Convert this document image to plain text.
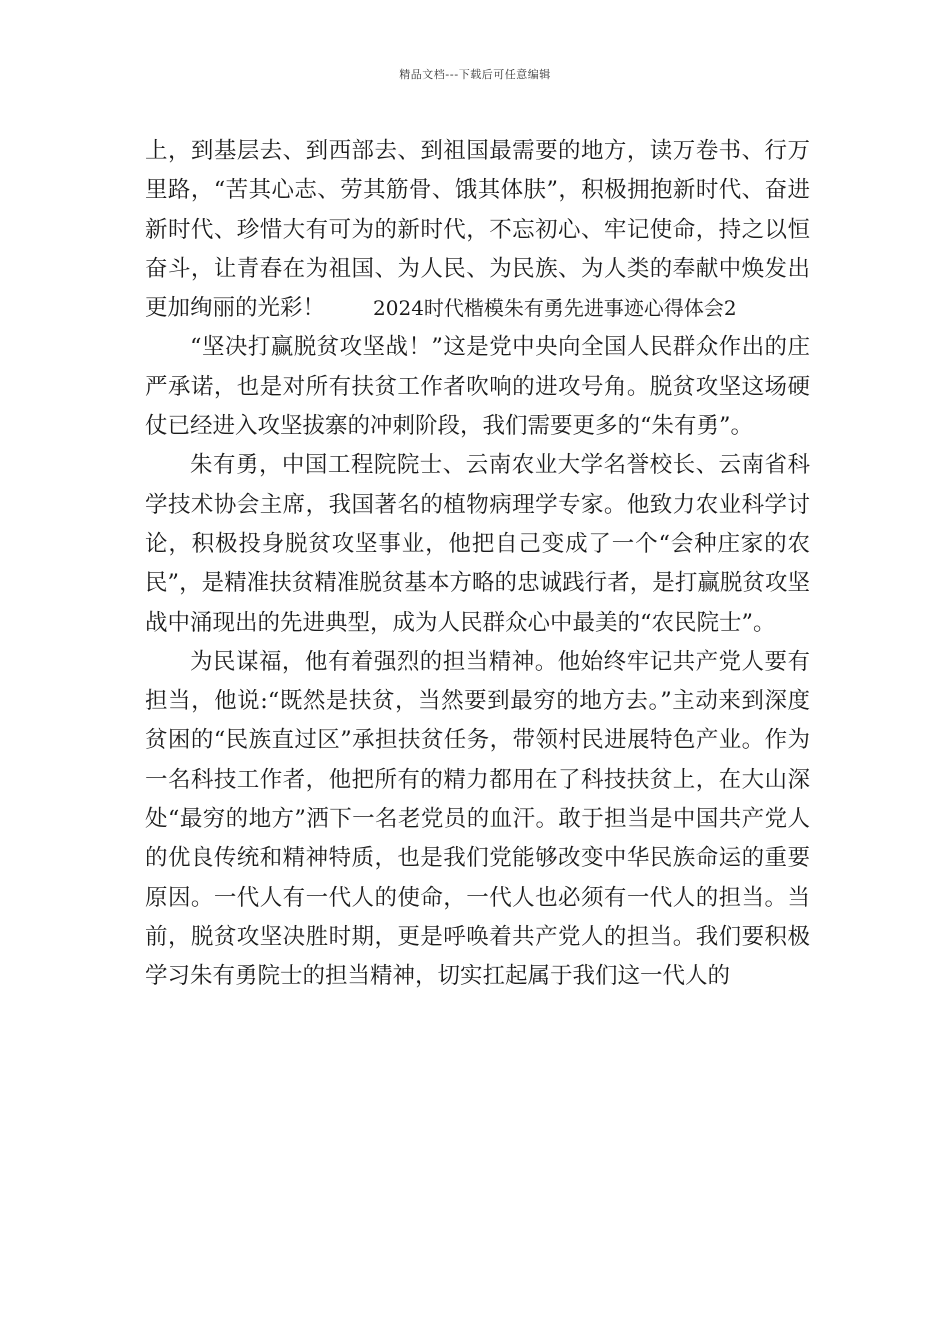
精品文档---下载后可任意编辑

上，到基层去、到西部去、到祖国最需要的地方，读万卷书、行万里路，“苦其心志、劳其筋骨、饿其体肤”，积极拥抱新时代、奋进新时代、珍惜大有可为的新时代，不忘初心、牢记使命，持之以恒奋斗，让青春在为祖国、为人民、为民族、为人类的奉献中焕发出更加绚丽的光彩！ 2024时代楷模朱有勇先进事迹心得体会2

“坚决打赢脱贫攻坚战！”这是党中央向全国人民群众作出的庄严承诺，也是对所有扶贫工作者吹响的进攻号角。脱贫攻坚这场硬仗已经进入攻坚拔寨的冲刺阶段，我们需要更多的“朱有勇”。

朱有勇，中国工程院院士、云南农业大学名誉校长、云南省科学技术协会主席，我国著名的植物病理学专家。他致力农业科学讨论，积极投身脱贫攻坚事业，他把自己变成了一个“会种庄家的农民”，是精准扶贫精准脱贫基本方略的忠诚践行者，是打赢脱贫攻坚战中涌现出的先进典型，成为人民群众心中最美的“农民院士”。

为民谋福，他有着强烈的担当精神。他始终牢记共产党人要有担当，他说:“既然是扶贫，当然要到最穷的地方去。”主动来到深度贫困的“民族直过区”承担扶贫任务，带领村民进展特色产业。作为一名科技工作者，他把所有的精力都用在了科技扶贫上，在大山深处“最穷的地方”洒下一名老党员的血汗。敢于担当是中国共产党人的优良传统和精神特质，也是我们党能够改变中华民族命运的重要原因。一代人有一代人的使命，一代人也必须有一代人的担当。当前，脱贫攻坚决胜时期，更是呼唤着共产党人的担当。我们要积极学习朱有勇院士的担当精神，切实扛起属于我们这一代人的
